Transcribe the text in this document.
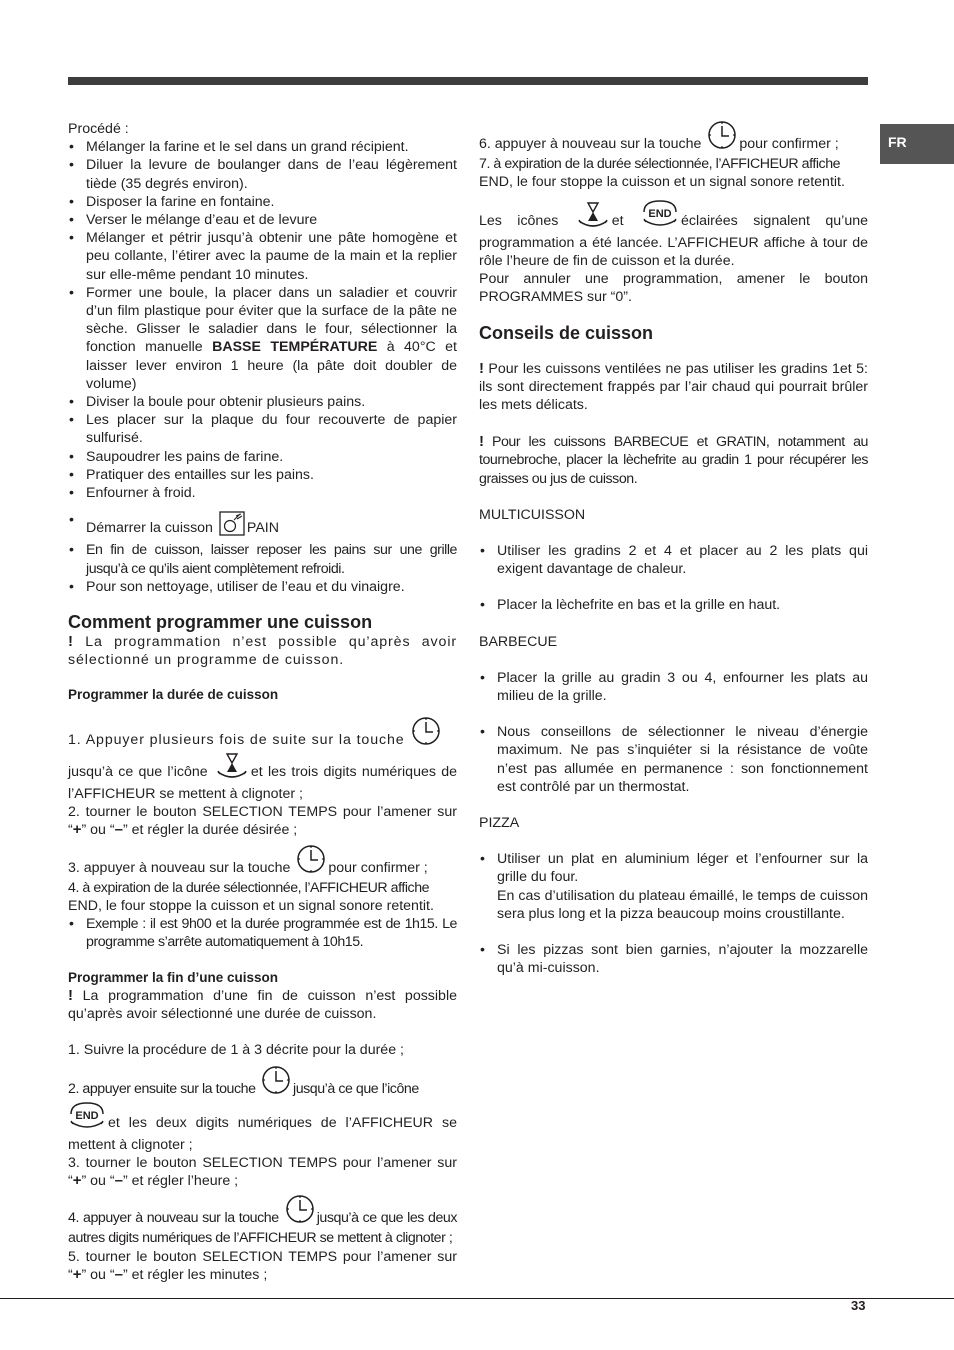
FR

Procédé :

• Mélanger la farine et le sel dans un grand récipient.
• Diluer la levure de boulanger dans de l’eau légèrement tiède (35 degrés environ).
• Disposer la farine en fontaine.
• Verser le mélange d’eau et de levure
• Mélanger et pétrir jusqu’à obtenir une pâte homogène et peu collante, l’étirer avec la paume de la main et la replier sur elle-même pendant 10 minutes.
• Former une boule, la placer dans un saladier et couvrir d’un film plastique pour éviter que la surface de la pâte ne sèche. Glisser le saladier dans le four, sélectionner la fonction manuelle BASSE TEMPÉRATURE à 40°C et laisser lever environ 1 heure (la pâte doit doubler de volume)
• Diviser la boule pour obtenir plusieurs pains.
• Les placer sur la plaque du four recouverte de papier sulfurisé.
• Saupoudrer les pains de farine.
• Pratiquer des entailles sur les pains.
• Enfourner à froid.
• Démarrer la cuisson PAIN
• En fin de cuisson, laisser reposer les pains sur une grille jusqu’à ce qu’ils aient complètement refroidi.
• Pour son nettoyage, utiliser de l’eau et du vinaigre.
Comment programmer une cuisson

! La programmation n’est possible qu’après avoir sélectionné un programme de cuisson.

Programmer la durée de cuisson

1. Appuyer plusieurs fois de suite sur la touche

jusqu’à ce que l’icône	et les trois digits numériques de l’AFFICHEUR se mettent à clignoter ;

2. tourner le bouton SELECTION TEMPS pour l’amener sur “+” ou “–” et régler la durée désirée ;

3. appuyer à nouveau sur la touche	pour confirmer ;

4. à expiration de la durée sélectionnée, l’AFFICHEUR affiche

END, le four stoppe la cuisson et un signal sonore retentit.

• Exemple : il est 9h00 et la durée programmée est de 1h15. Le programme s’arrête automatiquement à 10h15.
Programmer la fin d’une cuisson

! La programmation d’une fin de cuisson n’est possible qu’après avoir sélectionné une durée de cuisson.

1. Suivre la procédure de 1 à 3 décrite pour la durée ;

2. appuyer ensuite sur la touche	jusqu’à ce que l’icône

END et les deux digits numériques de l’AFFICHEUR se mettent à clignoter ;

3. tourner le bouton SELECTION TEMPS pour l’amener sur “+” ou “–” et régler l’heure ;

4. appuyer à nouveau sur la touche	jusqu’à ce que les deux autres digits numériques de l’AFFICHEUR se mettent à clignoter ;

5. tourner le bouton SELECTION TEMPS pour l’amener sur “+” ou “–” et régler les minutes ;

6. appuyer à nouveau sur la touche	pour confirmer ;

7. à expiration de la durée sélectionnée, l’AFFICHEUR affiche

END, le four stoppe la cuisson et un signal sonore retentit.

Les icônes	et END éclairées signalent qu’une programmation a été lancée. L’AFFICHEUR affiche à tour de rôle l’heure de fin de cuisson et la durée.

Pour annuler une programmation, amener le bouton PROGRAMMES sur “0”.

Conseils de cuisson

! Pour les cuissons ventilées ne pas utiliser les gradins 1et 5: ils sont directement frappés par l’air chaud qui pourrait brûler les mets délicats.

! Pour les cuissons BARBECUE et GRATIN, notamment au tournebroche, placer la lèchefrite au gradin 1 pour récupérer les graisses ou jus de cuisson.

MULTICUISSON

• Utiliser les gradins 2 et 4 et placer au 2 les plats qui exigent davantage de chaleur.
• Placer la lèchefrite en bas et la grille en haut.

BARBECUE

• Placer la grille au gradin 3 ou 4, enfourner les plats au milieu de la grille.
• Nous conseillons de sélectionner le niveau d’énergie maximum. Ne pas s’inquiéter si la résistance de voûte n’est pas allumée en permanence : son fonctionnement est contrôlé par un thermostat.

PIZZA

• Utiliser un plat en aluminium léger et l’enfourner sur la grille du four.
En cas d’utilisation du plateau émaillé, le temps de cuisson sera plus long et la pizza beaucoup moins croustillante.
• Si les pizzas sont bien garnies, n’ajouter la mozzarelle qu’à mi-cuisson.
33
